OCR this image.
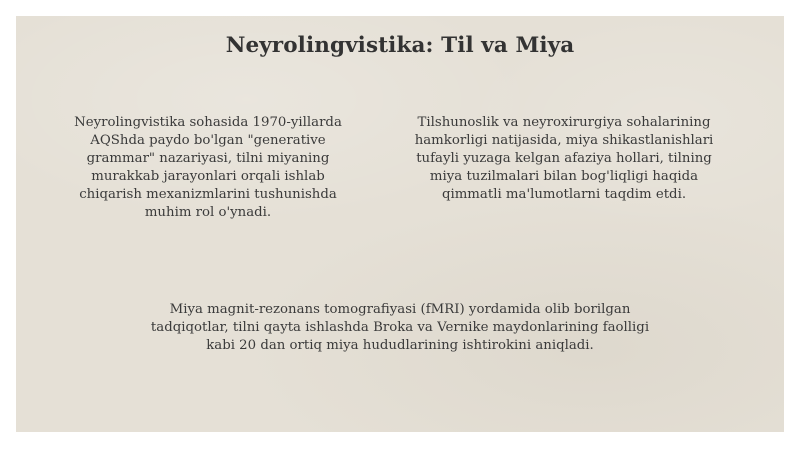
Neyrolingvistika: Til va Miya

Neyrolingvistika sohasida 1970-yillarda AQShda paydo bo'lgan "generative grammar" nazariyasi, tilni miyaning murakkab jarayonlari orqali ishlab chiqarish mexanizmlarini tushunishda muhim rol o'ynadi.

Tilshunoslik va neyroxirurgiya sohalarining hamkorligi natijasida, miya shikastlanishlari tufayli yuzaga kelgan afaziya hollari, tilning miya tuzilmalari bilan bog'liqligi haqida qimmatli ma'lumotlarni taqdim etdi.

Miya magnit-rezonans tomografiyasi (fMRI) yordamida olib borilgan tadqiqotlar, tilni qayta ishlashda Broka va Vernike maydonlarining faolligi kabi 20 dan ortiq miya hududlarining ishtirokini aniqladi.
